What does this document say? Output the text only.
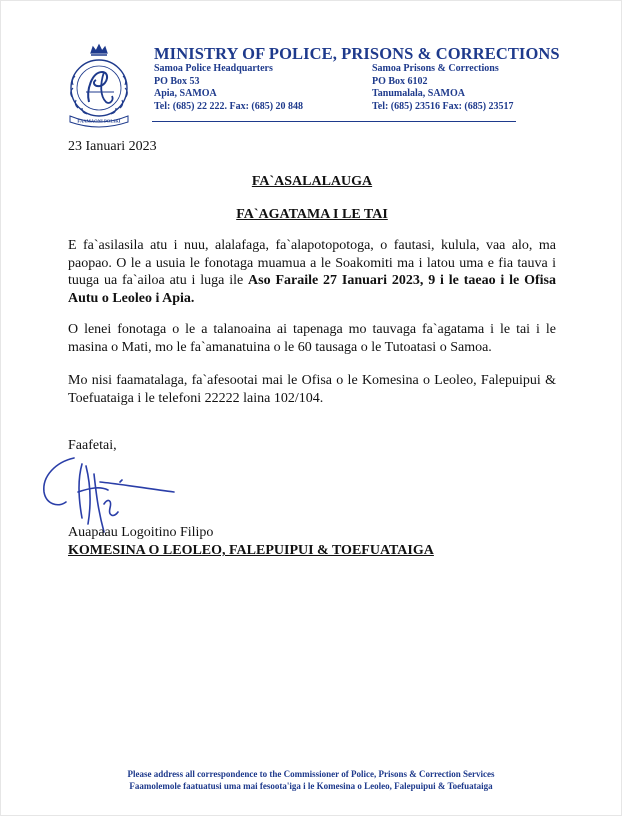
FAAMAONI POLIKI
MINISTRY OF POLICE, PRISONS & CORRECTIONS
Samoa Police Headquarters
PO Box 53
Apia, SAMOA
Tel: (685) 22 222. Fax: (685) 20 848
Samoa Prisons & Corrections
PO Box 6102
Tanumalala, SAMOA
Tel: (685) 23516 Fax: (685) 23517
23 Ianuari 2023
FA`ASALALAUGA
FA`AGATAMA I LE TAI
E fa`asilasila atu i nuu, alalafaga, fa`alapotopotoga, o fautasi, kulula, vaa alo, ma paopao. O le a usuia le fonotaga muamua a le Soakomiti ma i latou uma e fia tauva i tuuga ua fa`ailoa atu i luga ile Aso Faraile 27 Ianuari 2023, 9 i le taeao i le Ofisa Autu o Leoleo i Apia.
O lenei fonotaga o le a talanoaina ai tapenaga mo tauvaga fa`agatama i le tai i le masina o Mati, mo le fa`amanatuina o le 60 tausaga o le Tutoatasi o Samoa.
Mo nisi faamatalaga, fa`afesootai mai le Ofisa o le Komesina o Leoleo, Falepuipui & Toefuataiga i le telefoni 22222 laina 102/104.
Faafetai,
Auapaau Logoitino Filipo
KOMESINA O LEOLEO, FALEPUIPUI & TOEFUATAIGA
Please address all correspondence to the Commissioner of Police, Prisons & Correction Services
Faamolemole faatuatusi uma mai fesoota'iga i le Komesina o Leoleo, Falepuipui & Toefuataiga
